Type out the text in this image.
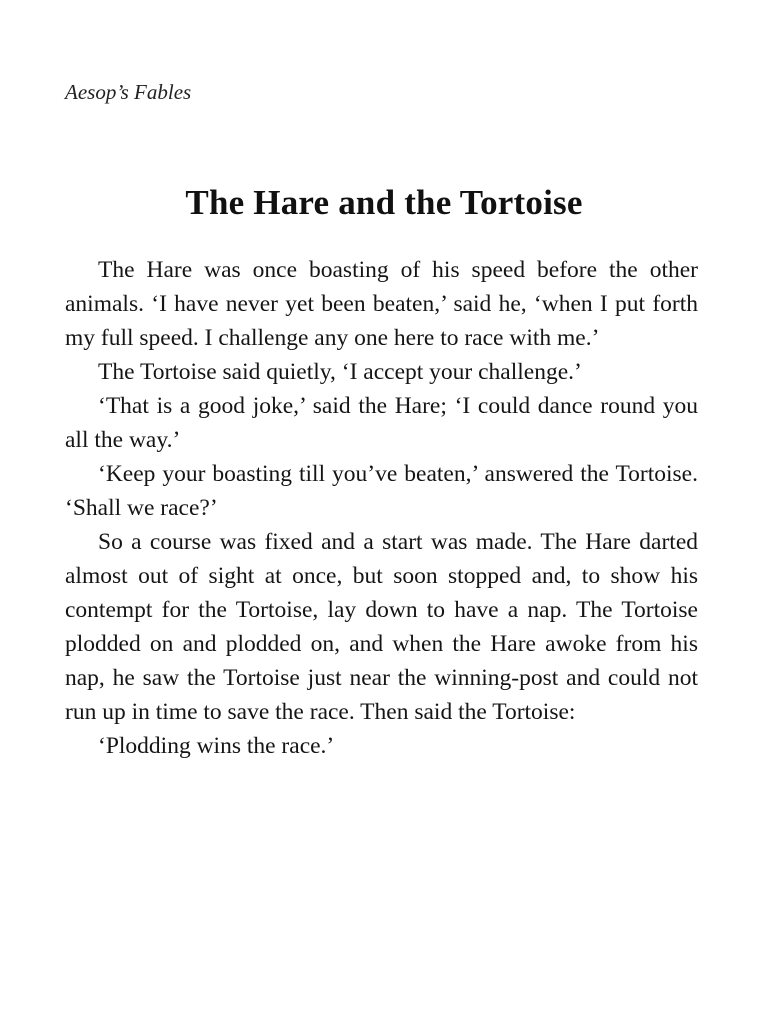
Aesop’s Fables
The Hare and the Tortoise

The Hare was once boasting of his speed before the other animals. ‘I have never yet been beaten,’ said he, ‘when I put forth my full speed. I challenge any one here to race with me.’

The Tortoise said quietly, ‘I accept your challenge.’

‘That is a good joke,’ said the Hare; ‘I could dance round you all the way.’

‘Keep your boasting till you’ve beaten,’ answered the Tortoise. ‘Shall we race?’

So a course was fixed and a start was made. The Hare darted almost out of sight at once, but soon stopped and, to show his contempt for the Tortoise, lay down to have a nap. The Tortoise plodded on and plodded on, and when the Hare awoke from his nap, he saw the Tortoise just near the winning-post and could not run up in time to save the race. Then said the Tortoise:

‘Plodding wins the race.’
